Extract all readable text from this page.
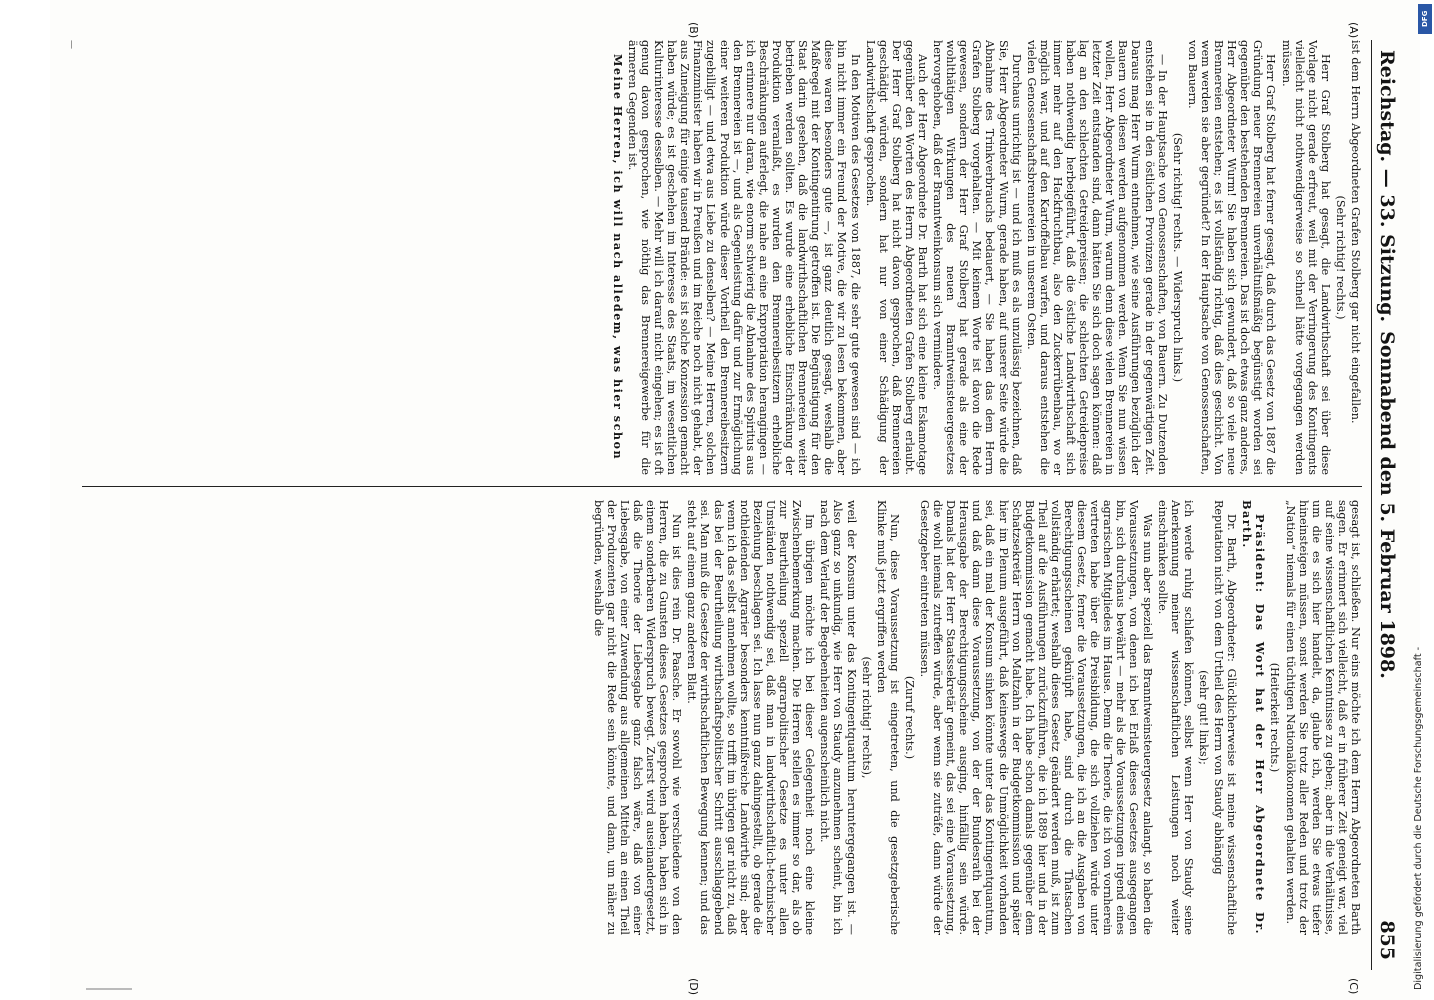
Reichstag. — 33. Sitzung.
Sonnabend den 5. Februar 1898.
855
(A)
(B)
(C)
(D)

ist dem Herrn Abgeordneten Grafen Stolberg gar nicht eingefallen.

(Sehr richtig! rechts.)

Herr Graf Stolberg hat gesagt, die Landwirthschaft sei über diese Vorlage nicht gerade erfreut, weil mit der Verringerung des Kontingents vielleicht nicht nothwendigerweise so schnell hätte vorgegangen werden müssen.

Herr Graf Stolberg hat ferner gesagt, daß durch das Gesetz von 1887 die Gründung neuer Brennereien unverhältnißmäßig begünstigt worden sei gegenüber den bestehenden Brennereien. Das ist doch etwas ganz anderes, Herr Abgeordneter Wurm! Sie haben sich gewundert, daß so viele neue Brennereien entstehen; es ist vollständig richtig, daß dies geschicht. Von wem werden sie aber gegründet? In der Hauptsache von Genossenschaften, von Bauern.

(Sehr richtig! rechts. — Widerspruch links.)

— In der Hauptsache von Genossenschaften, von Bauern. Zu Dutzenden entstehen sie in den östlichen Provinzen gerade in der gegenwärtigen Zeit. Daraus mag Herr Wurm entnehmen, wie seine Ausführungen bezüglich der Bauern von diesen werden aufgenommen werden. Wenn Sie nun wissen wollen, Herr Abgeordneter Wurm, warum denn diese vielen Brennereien in letzter Zeit entstanden sind, dann hätten Sie sich doch sagen können: daß lag an den schlechten Getreidepreisen; die schlechten Getreidepreise haben nothwendig herbeigeführt, daß die östliche Landwirthschaft sich immer mehr auf den Hackfruchtbau, also den Zuckerrübenbau, wo er möglich war, und auf den Kartoffelbau warfen, und daraus entstehen die vielen Genossenschaftsbrennereien in unserem Osten.

Durchaus unrichtig ist — und ich muß es als unzulässig bezeichnen, daß Sie, Herr Abgeordneter Wurm, gerade haben, auf unserer Seite würde die Abnahme des Trinkverbrauchs bedauert, — Sie haben das dem Herrn Grafen Stolberg vorgehalten. — Mit keinem Worte ist davon die Rede gewesen, sondern der Herr Graf Stolberg hat gerade als eine der wohlthätigen Wirkungen des neuen Branntweinsteuergesetzes hervorgehoben, daß der Branntweinkonsum sich vermindere.

Auch der Herr Abgeordnete Dr. Barth hat sich eine kleine Eskamotage gegenüber den Worten des Herrn Abgeordneten Grafen Stolberg erlaubt. Der Herr Graf Stolberg hat nicht davon gesprochen, daß Brennereien geschädigt würden, sondern hat nur von einer Schädigung der Landwirthschaft gesprochen.

In den Motiven des Gesetzes von 1887, die sehr gute gewesen sind — ich bin nicht immer ein Freund der Motive, die wir zu lesen bekommen, aber diese waren besonders gute —, ist ganz deutlich gesagt, weshalb die Maßregel mit der Kontingentirung getroffen ist. Die Begünstigung für den Staat darin gesehen, daß die landwirthschaftlichen Brennereien weiter betrieben werden sollten. Es wurde eine erhebliche Einschränkung der Produktion veranlaßt, es wurden den Brennereibesitzern erhebliche Beschränkungen auferlegt, die nahe an eine Expropriation herangingen — ich erinnere nur daran, wie enorm schwierig die Abnahme des Spiritus aus den Brennereien ist —, und als Gegenleistung dafür und zur Ermöglichung einer weiteren Produktion würde dieser Vortheil den Brennereibesitzern zugebilligt — und etwa aus Liebe zu denselben? — Meine Herren, solchen Finanzminister haben wir in Preußen und im Reiche noch nicht gehabt, der aus Zuneigung für einige tausend Brände: es ist solche Konzession gemacht haben würde; es ist geschehen im Interesse des Staats, im wesentlichen Kulturinteresse desselben. — Mehr will ich darauf nicht eingehen; es ist oft genug davon gesprochen, wie nöthig das Brennereigewerbe für die ärmeren Gegenden ist.

Meine Herren, ich will nach alledem, was hier schon

gesagt ist, schließen. Nur eins möchte ich dem Herrn Abgeordneten Barth sagen. Er erinnert sich vielleicht, daß er in früherer Zeit geneigt war, viel auf seine wissenschaftlichen Kenntnisse zu geben; aber in die Verhältnisse, um die es sich hier handelt, da, glaube ich, werden Sie etwas tiefer hineinsteigen müssen, sonst werden Sie trotz aller Reden und trotz der „Nation“ niemals für einen tüchtigen Nationalökonomen gehalten werden.

(Heiterkeit rechts.)

Präsident: Das Wort hat der Herr Abgeordnete Dr. Barth.

Dr. Barth, Abgeordneter: Glücklicherweise ist meine wissenschaftliche Reputation nicht von dem Urtheil des Herrn von Staudy abhängig

(sehr gut! links);

ich werde ruhig schlafen können, selbst wenn Herr von Staudy seine Anerkennung meiner wissenschaftlichen Leistungen noch weiter einschränken sollte.

Was nun aber speziell das Branntweinsteuergesetz anlangt, so haben die Voraussetzungen, von denen ich bei Erlaß dieses Gesetzes ausgegangen bin, sich durchaus bewährt — mehr als die Voraussetzungen irgend eines agrarischen Mitgliedes im Hause. Denn die Theorie, die ich von vornherein vertreten habe über die Preisbildung, die sich vollziehen würde unter diesem Gesetz, ferner die Voraussetzungen, die ich an die Ausgaben von Berechtigungsscheinen geknüpft habe, sind durch die Thatsachen vollständig erhärtet; weshalb dieses Gesetz geändert werden muß, ist zum Theil auf die Ausführungen zurückzuführen, die ich 1889 hier und in der Budgetkommission gemacht habe. Ich habe schon damals gegenüber dem Schatzsekretär Herrn von Maltzahn in der Budgetkommission und später hier im Plenum ausgeführt, daß keineswegs die Unmöglichkeit vorhanden sei, daß ein mal der Konsum sinken könnte unter das Kontingentquantum, und daß dann diese Voraussetzung, von der der Bundesrath bei der Herausgabe der Berechtigungsscheine ausging, hinfällig sein würde. Damals hat der Herr Staatssekretär gemeint, das sei eine Voraussetzung, die wohl niemals zutreffen würde, aber wenn sie zuträfe, dann würde der Gesetzgeber eintreten müssen.

(Zuruf rechts.)

Nun, diese Voraussetzung ist eingetreten, und die gesetzgeberische Klinke muß jetzt ergriffen werden

(sehr richtig! rechts),

weil der Konsum unter das Kontingentquantum heruntergegangen ist. — Also ganz so unkundig, wie Herr von Staudy anzunehmen scheint, bin ich nach dem Verlauf der Begebenheiten augenscheinlich nicht.

Im übrigen möchte ich bei dieser Gelegenheit noch eine kleine Zwischenbemerkung machen. Die Herren stellen es immer so dar, als ob zur Beurtheilung speziell agrarpolitischer Gesetze es unter allen Umständen nothwendig sei, daß man in landwirthschaftlich-technischer Beziehung beschlagen sei. Ich lasse nun ganz dahingestellt, ob gerade die nothleidenden Agrarier besonders kenntnißreiche Landwirthe sind; aber wenn ich das selbst annehmen wollte, so trifft im übrigen gar nicht zu, daß das bei der Beurtheilung wirthschaftspolitischer Schritt ausschlaggebend sei. Man muß die Gesetze der wirthschaftlichen Bewegung kennen; und das steht auf einem ganz anderen Blatt.

Nun ist dies rein Dr. Paasche. Er sowohl wie verschiedene von den Herren, die zu Gunsten dieses Gesetzes gesprochen haben, haben sich in einem sonderbaren Widerspruch bewegt. Zuerst wird auseinandergesetzt, daß die Theorie der Liebesgabe ganz falsch wäre, daß von einer Liebesgabe, von einer Zuwendung aus allgemeinen Mitteln an einen Theil der Produzenten gar nicht die Rede sein könnte, und dann, um näher zu begründen, weshalb die

—
Digitalisierung gefördert durch die Deutsche Forschungsgemeinschaft -
DFG
